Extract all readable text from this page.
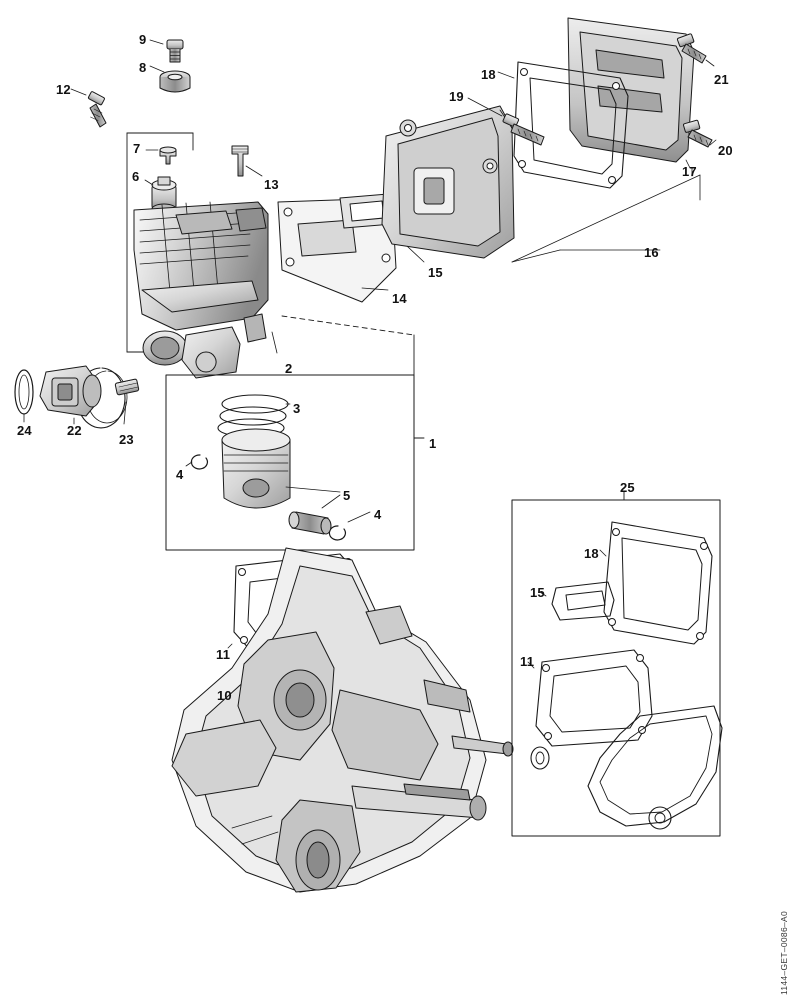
9
8
12
7
6
13
18
19
21
20
17
16
15
14
2
3
1
4
5
4
24	22
23
25
18
15
11	11
10
1144–GET–0086–A0
